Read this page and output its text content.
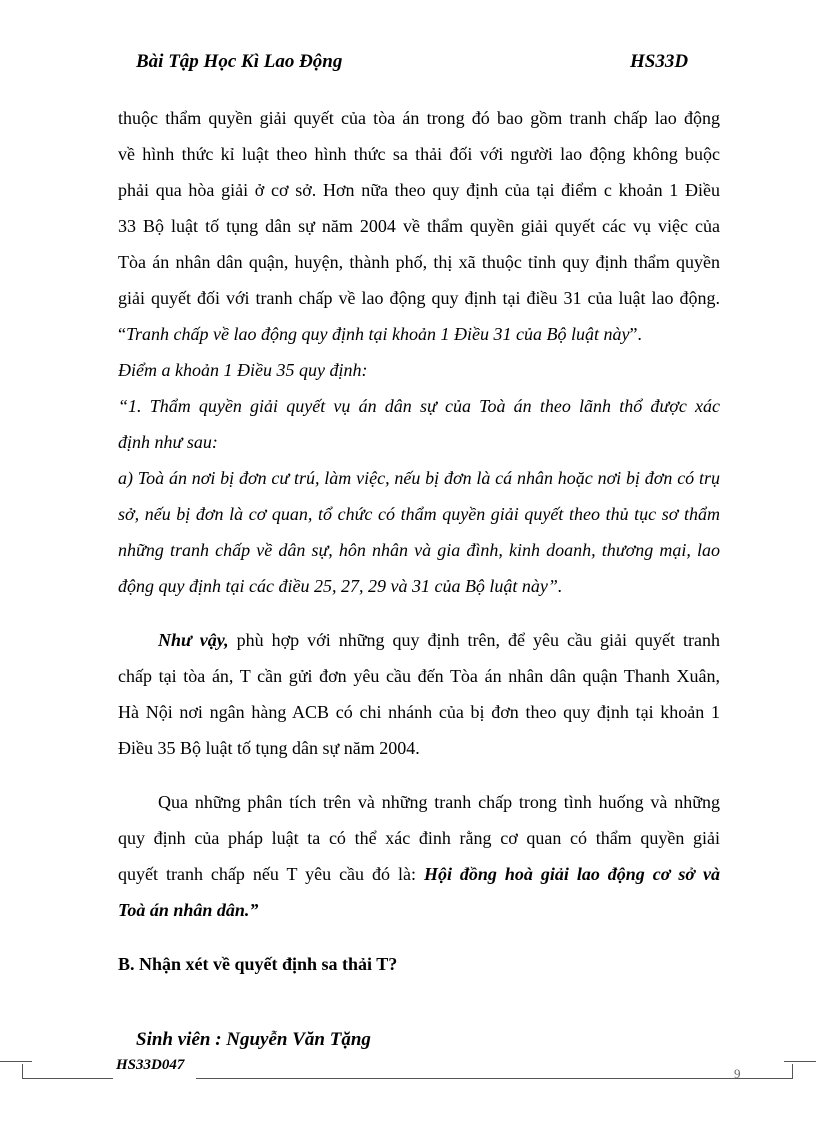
Bài Tập Học Kì Lao Động	HS33D
thuộc thẩm quyền giải quyết của tòa án trong đó bao gồm tranh chấp lao động
về hình thức kỉ luật theo hình thức sa thải đối với người lao động không buộc
phải qua hòa giải ở cơ sở. Hơn nữa theo quy định của tại điểm c khoản 1 Điều
33 Bộ luật tố tụng dân sự năm 2004 về thẩm quyền giải quyết các vụ việc của
Tòa án nhân dân quận, huyện, thành phố, thị xã thuộc tỉnh quy định thẩm quyền
giải quyết đối với tranh chấp về lao động quy định tại điều 31 của luật lao động.
“Tranh chấp về lao động quy định tại khoản 1 Điều 31 của Bộ luật này”.
Điểm a khoản 1 Điều 35 quy định:
“1. Thẩm quyền giải quyết vụ án dân sự của Toà án theo lãnh thổ được xác
định như sau:
a) Toà án nơi bị đơn cư trú, làm việc, nếu bị đơn là cá nhân hoặc nơi bị đơn có trụ
sở, nếu bị đơn là cơ quan, tổ chức có thẩm quyền giải quyết theo thủ tục sơ thẩm
những tranh chấp về dân sự, hôn nhân và gia đình, kinh doanh, thương mại, lao
động quy định tại các điều 25, 27, 29 và 31 của Bộ luật này”.
Như vậy, phù hợp với những quy định trên, để yêu cầu giải quyết tranh
chấp tại tòa án, T cần gửi đơn yêu cầu đến Tòa án nhân dân quận Thanh Xuân,
Hà Nội nơi ngân hàng ACB có chi nhánh của bị đơn theo quy định tại khoản 1
Điều 35 Bộ luật tố tụng dân sự năm 2004.
Qua những phân tích trên và những tranh chấp trong tình huống và những
quy định của pháp luật ta có thể xác đinh rằng cơ quan có thẩm quyền giải
quyết tranh chấp nếu T yêu cầu đó là: Hội đồng hoà giải lao động cơ sở và
Toà án nhân dân.”
B. Nhận xét về quyết định sa thải T?
Sinh viên : Nguyễn Văn Tặng
HS33D047
9
